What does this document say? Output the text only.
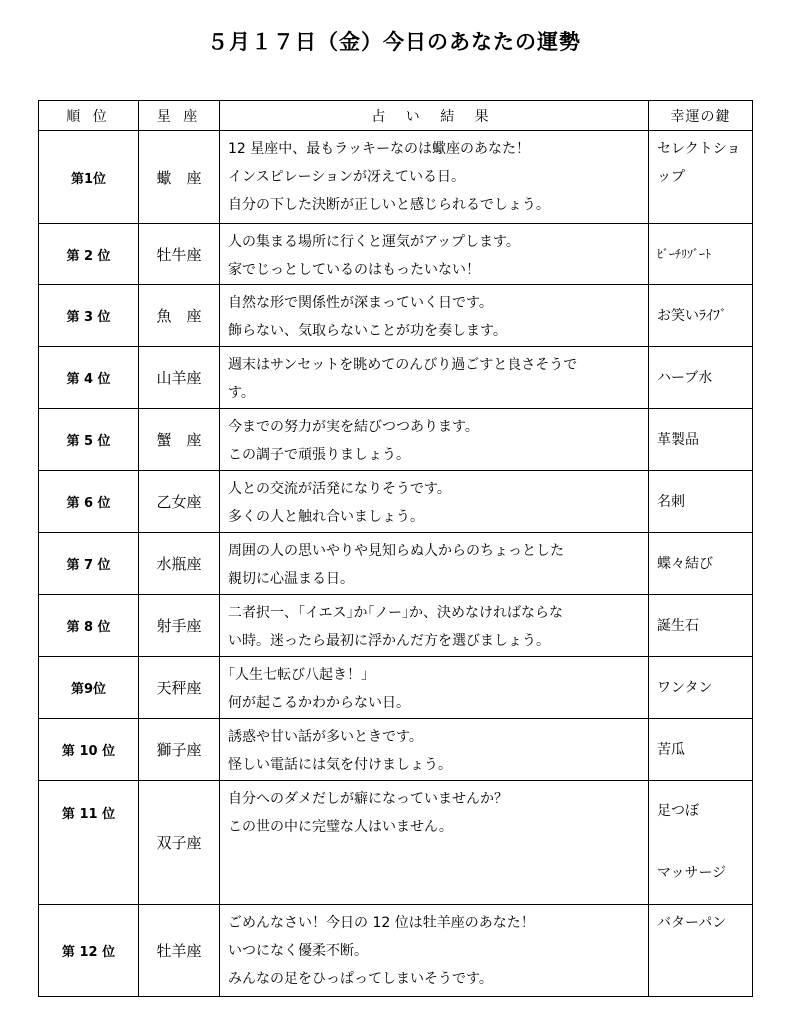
５月１７日（金）今日のあなたの運勢
順 位	星 座	占 い 結 果	幸運の鍵
第1位	蠍　座	12 星座中、最もラッキーなのは蠍座のあなた！
インスピレーションが冴えている日。
自分の下した決断が正しいと感じられるでしょう。	セレクトショ
ップ

第 2 位	牡牛座	人の集まる場所に行くと運気がアップします。
家でじっとしているのはもったいない！	ﾋﾞｰﾁﾘｿﾞｰﾄ

第 3 位	魚　座	自然な形で関係性が深まっていく日です。
飾らない、気取らないことが功を奏します。	お笑いﾗｲﾌﾞ

第 4 位	山羊座	週末はサンセットを眺めてのんびり過ごすと良さそうで
す。	ハーブ水

第 5 位	蟹　座	今までの努力が実を結びつつあります。
この調子で頑張りましょう。	革製品

第 6 位	乙女座	人との交流が活発になりそうです。
多くの人と触れ合いましょう。	名刺

第 7 位	水瓶座	周囲の人の思いやりや見知らぬ人からのちょっとした
親切に心温まる日。	蝶々結び

第 8 位	射手座	二者択一、｢イエス｣か｢ノー｣か、決めなければならな
い時。迷ったら最初に浮かんだ方を選びましょう。	誕生石

第9位	天秤座	｢人生七転び八起き！｣
何が起こるかわからない日。	ワンタン

第 10 位	獅子座	誘惑や甘い話が多いときです。
怪しい電話には気を付けましょう。	苦瓜

第 11 位	双子座	自分へのダメだしが癖になっていませんか？
この世の中に完璧な人はいません。	足つぼ
マッサージ

第 12 位	牡羊座	ごめんなさい！今日の 12 位は牡羊座のあなた！
いつになく優柔不断。
みんなの足をひっぱってしまいそうです。	バターパン
